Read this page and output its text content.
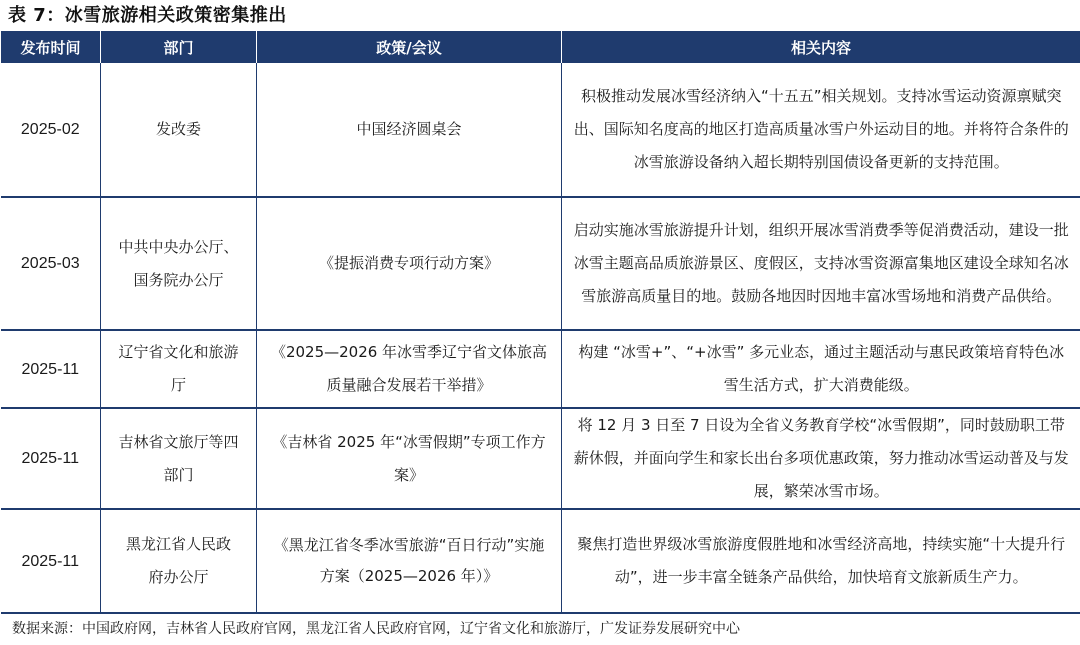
表 7：冰雪旅游相关政策密集推出
发布时间	部门	政策/会议	相关内容
2025-02	发改委	中国经济圆桌会	积极推动发展冰雪经济纳入“十五五”相关规划。支持冰雪运动资源禀赋突出、国际知名度高的地区打造高质量冰雪户外运动目的地。并将符合条件的冰雪旅游设备纳入超长期特别国债设备更新的支持范围。
2025-03	中共中央办公厅、国务院办公厅	《提振消费专项行动方案》	启动实施冰雪旅游提升计划，组织开展冰雪消费季等促消费活动，建设一批冰雪主题高品质旅游景区、度假区，支持冰雪资源富集地区建设全球知名冰雪旅游高质量目的地。鼓励各地因时因地丰富冰雪场地和消费产品供给。
2025-11	辽宁省文化和旅游厅	《2025—2026 年冰雪季辽宁省文体旅高质量融合发展若干举措》	构建 “冰雪+”、“+冰雪” 多元业态，通过主题活动与惠民政策培育特色冰雪生活方式，扩大消费能级。
2025-11	吉林省文旅厅等四部门	《吉林省 2025 年“冰雪假期”专项工作方案》	将 12 月 3 日至 7 日设为全省义务教育学校“冰雪假期”，同时鼓励职工带薪休假，并面向学生和家长出台多项优惠政策，努力推动冰雪运动普及与发展，繁荣冰雪市场。
2025-11	黑龙江省人民政府办公厅	《黑龙江省冬季冰雪旅游“百日行动”实施方案（2025—2026 年）》	聚焦打造世界级冰雪旅游度假胜地和冰雪经济高地，持续实施“十大提升行动”，进一步丰富全链条产品供给，加快培育文旅新质生产力。
数据来源：中国政府网，吉林省人民政府官网，黑龙江省人民政府官网，辽宁省文化和旅游厅，广发证券发展研究中心
